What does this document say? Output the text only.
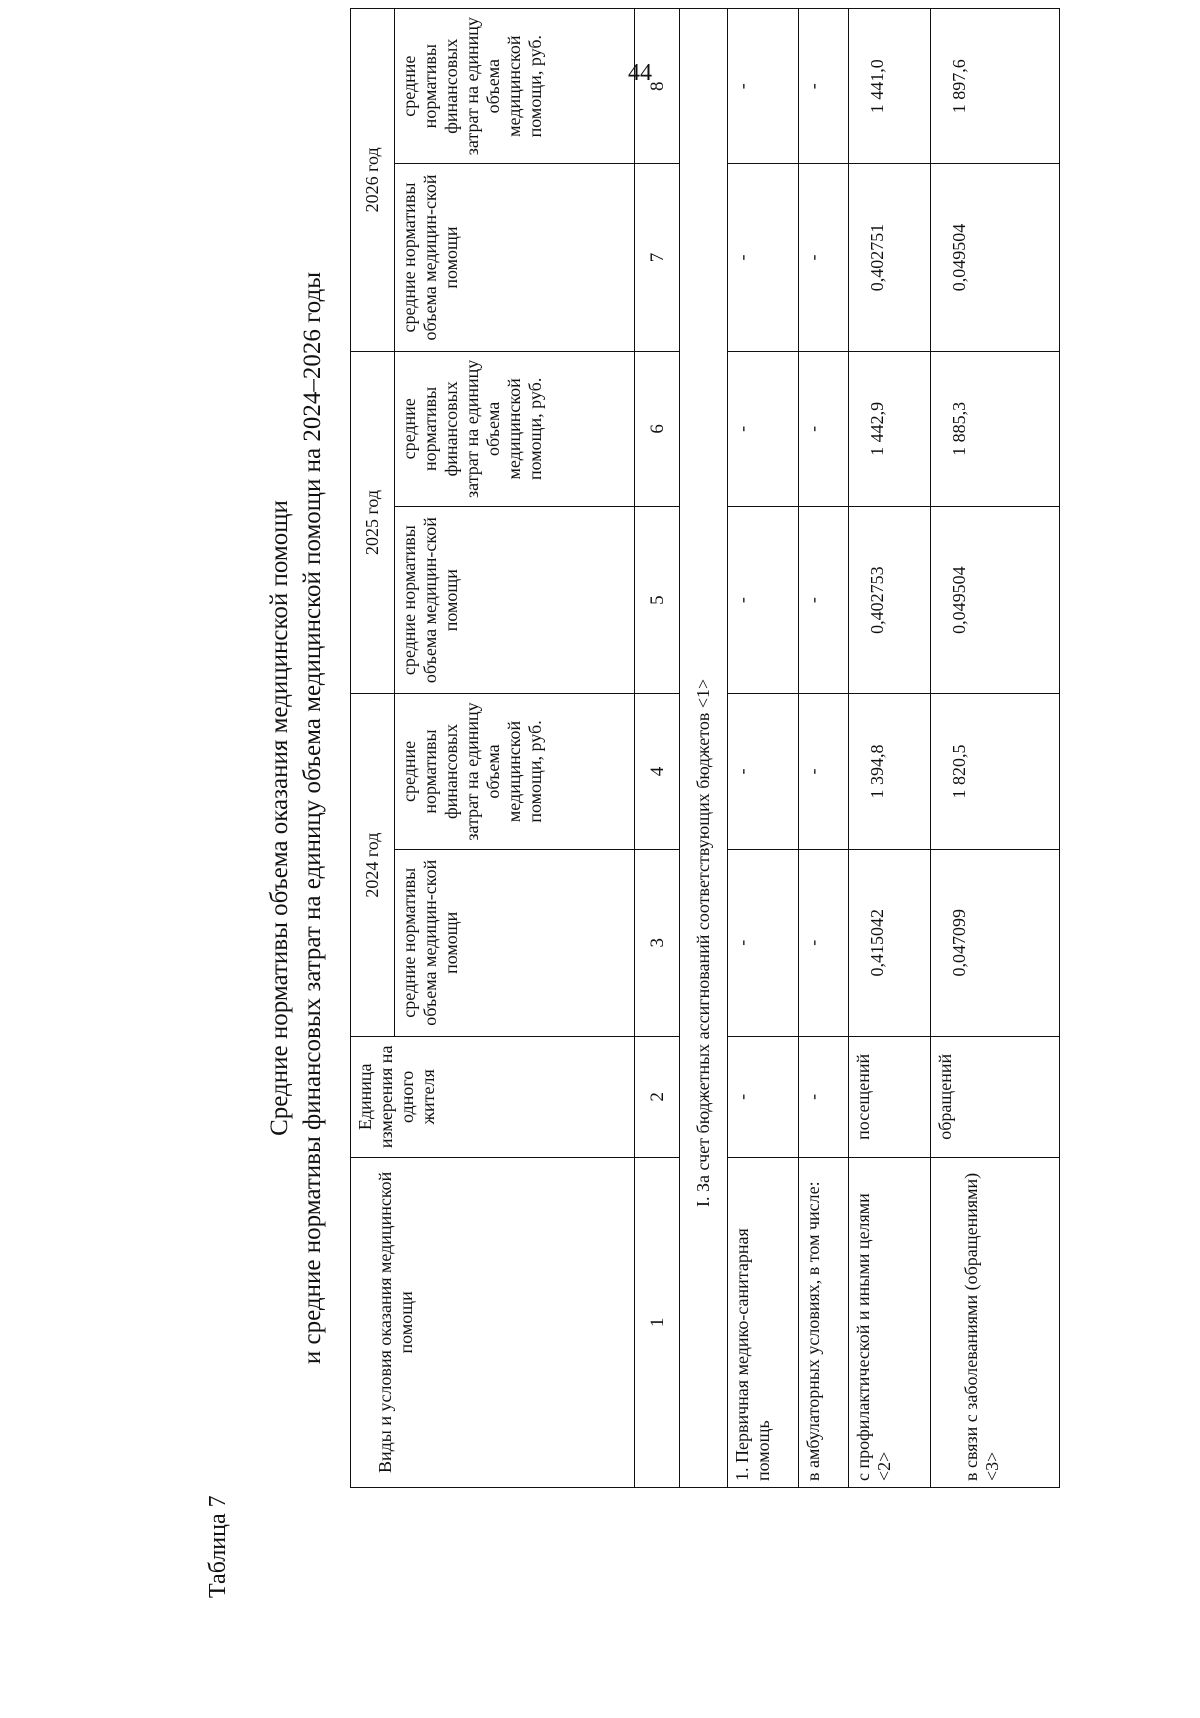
44
Таблица 7
Средние нормативы объема оказания медицинской помощи и средние нормативы финансовых затрат на единицу объема медицинской помощи на 2024–2026 годы	Виды и условия оказания медицинской помощи	Единица измерения на одного жителя	2024 год		2025 год		2026 год	
		средние нормативы объема медицин-ской помощи	средние нормативы финансовых затрат на единицу объема медицинской помощи, руб.	средние нормативы объема медицин-ской помощи	средние нормативы финансовых затрат на единицу объема медицинской помощи, руб.	средние нормативы объема медицин-ской помощи	средние нормативы финансовых затрат на единицу объема медицинской помощи, руб.
1	2	3	4	5	6	7	8
I. За счет бюджетных ассигнований соответствующих бюджетов <1>							
1. Первичная медико-санитарная помощь	-	-	-	-	-	-	-
в амбулаторных условиях, в том числе:	-	-	-	-	-	-	-
с профилактической и иными целями <2>	посещений	0,415042	1 394,8	0,402753	1 442,9	0,402751	1 441,0
в связи с заболеваниями (обращениями) <3>	обращений	0,047099	1 820,5	0,049504	1 885,3	0,049504	1 897,6
